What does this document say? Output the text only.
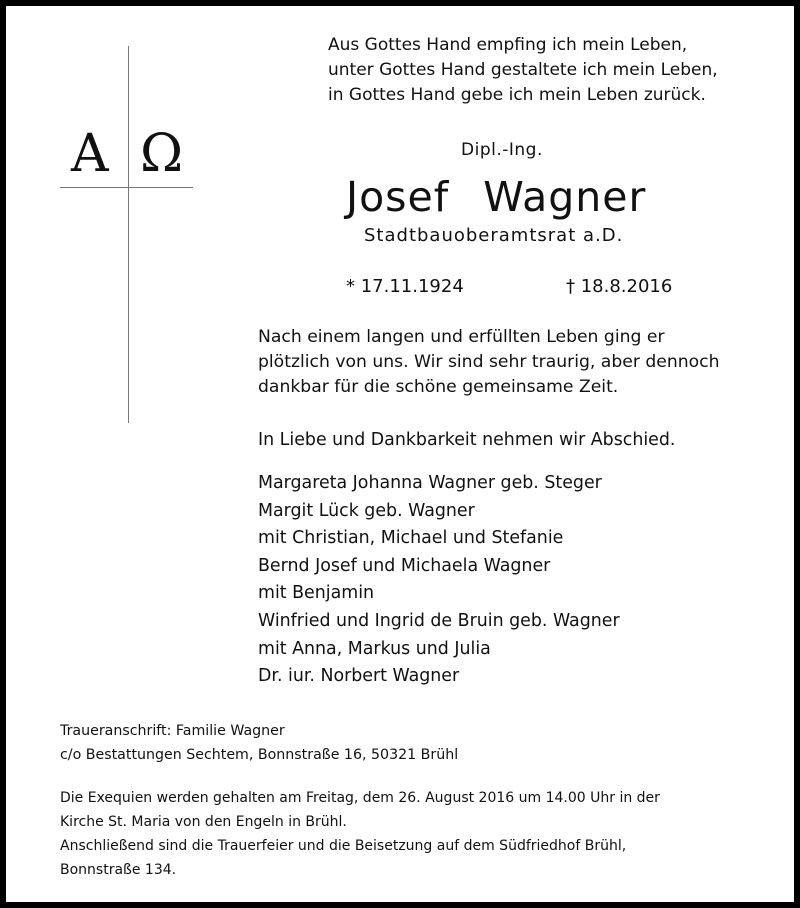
A Ω
Aus Gottes Hand empfing ich mein Leben,
unter Gottes Hand gestaltete ich mein Leben,
in Gottes Hand gebe ich mein Leben zurück.

Dipl.-Ing.

Josef Wagner

Stadtbauoberamtsrat a.D.

* 17.11.1924	† 18.8.2016

Nach einem langen und erfüllten Leben ging er
plötzlich von uns. Wir sind sehr traurig, aber dennoch
dankbar für die schöne gemeinsame Zeit.

In Liebe und Dankbarkeit nehmen wir Abschied.

Margareta Johanna Wagner geb. Steger
Margit Lück geb. Wagner
mit Christian, Michael und Stefanie
Bernd Josef und Michaela Wagner
mit Benjamin
Winfried und Ingrid de Bruin geb. Wagner
mit Anna, Markus und Julia
Dr. iur. Norbert Wagner
Traueranschrift: Familie Wagner
c/o Bestattungen Sechtem, Bonnstraße 16, 50321 Brühl
Die Exequien werden gehalten am Freitag, dem 26. August 2016 um 14.00 Uhr in der
Kirche St. Maria von den Engeln in Brühl.
Anschließend sind die Trauerfeier und die Beisetzung auf dem Südfriedhof Brühl,
Bonnstraße 134.
